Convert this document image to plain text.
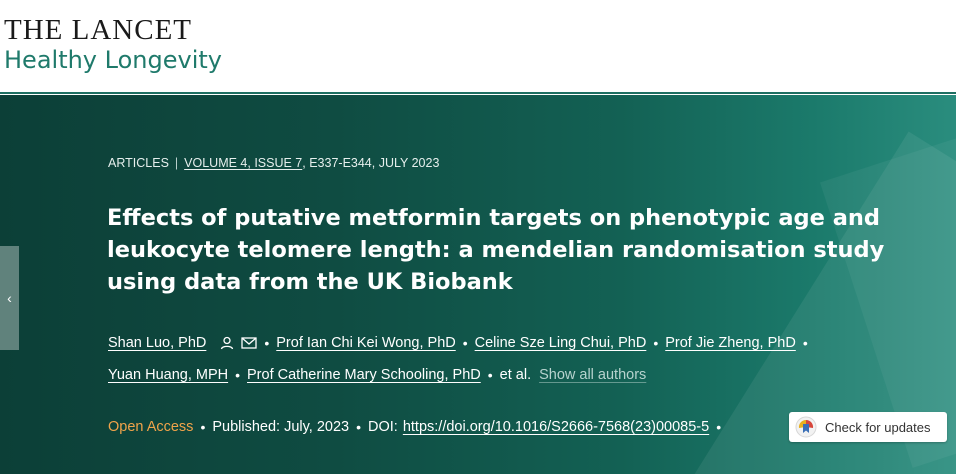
THE LANCET
Healthy Longevity
‹
ARTICLES | VOLUME 4, ISSUE 7 , E337-E344, JULY 2023
Effects of putative metformin targets on phenotypic age and leukocyte telomere length: a mendelian randomisation study using data from the UK Biobank
Shan Luo, PhD	• Prof Ian Chi Kei Wong, PhD • Celine Sze Ling Chui, PhD • Prof Jie Zheng, PhD •
Yuan Huang, MPH • Prof Catherine Mary Schooling, PhD • et al. Show all authors
Open Access • Published: July, 2023 • DOI: https://doi.org/10.1016/S2666-7568(23)00085-5 •	Check for updates
